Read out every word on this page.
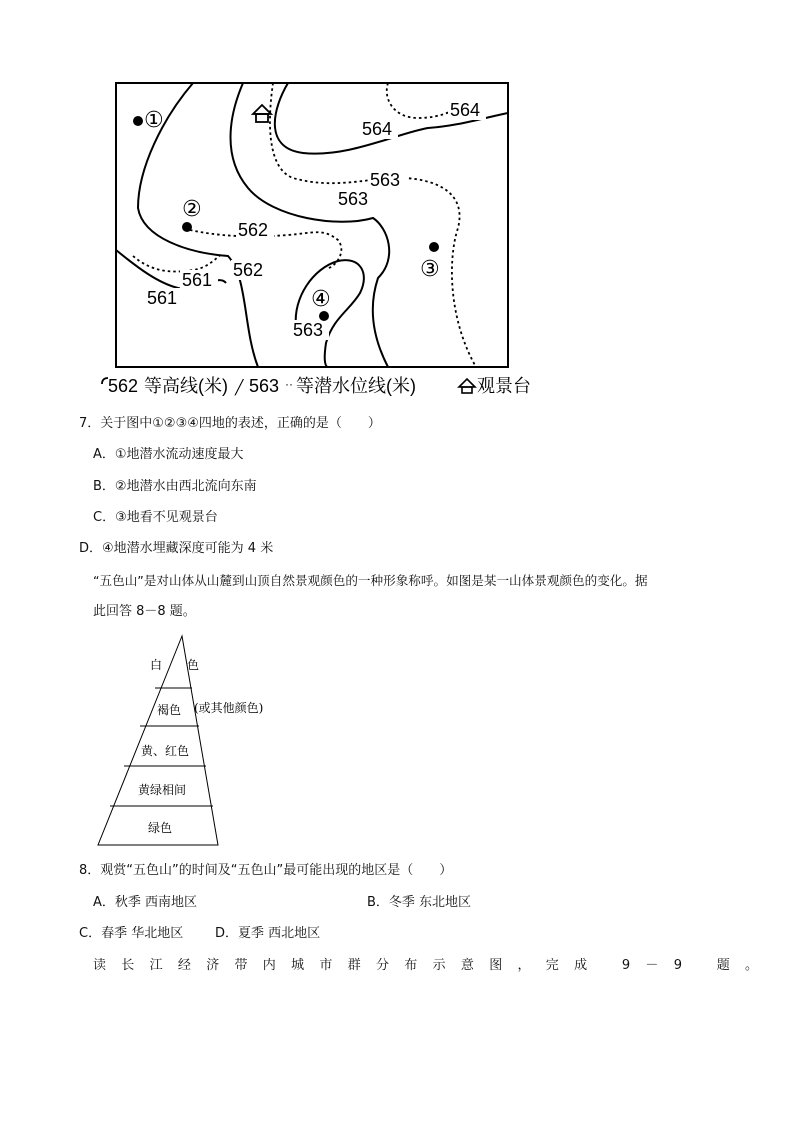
564
564
563
563
562
562
561
561
563
①
②
③
④
562 等高线(米) ╱ 563 ·· 等潜水位线(米)	观景台
7．关于图中①②③④四地的表述，正确的是（　　）
A．①地潜水流动速度最大
B．②地潜水由西北流向东南
C．③地看不见观景台
D．④地潜水埋藏深度可能为 4 米
“五色山”是对山体从山麓到山顶自然景观颜色的一种形象称呼。如图是某一山体景观颜色的变化。据
此回答 8－8 题。
白 色
褐色 (或其他颜色)
黄、红色
黄绿相间
绿色
8．观赏“五色山”的时间及“五色山”最可能出现的地区是（　　）
A．秋季 西南地区	B．冬季 东北地区
C．春季 华北地区 D．夏季 西北地区
读长江经济带内城市群分布示意图，完成 9－9 题。
